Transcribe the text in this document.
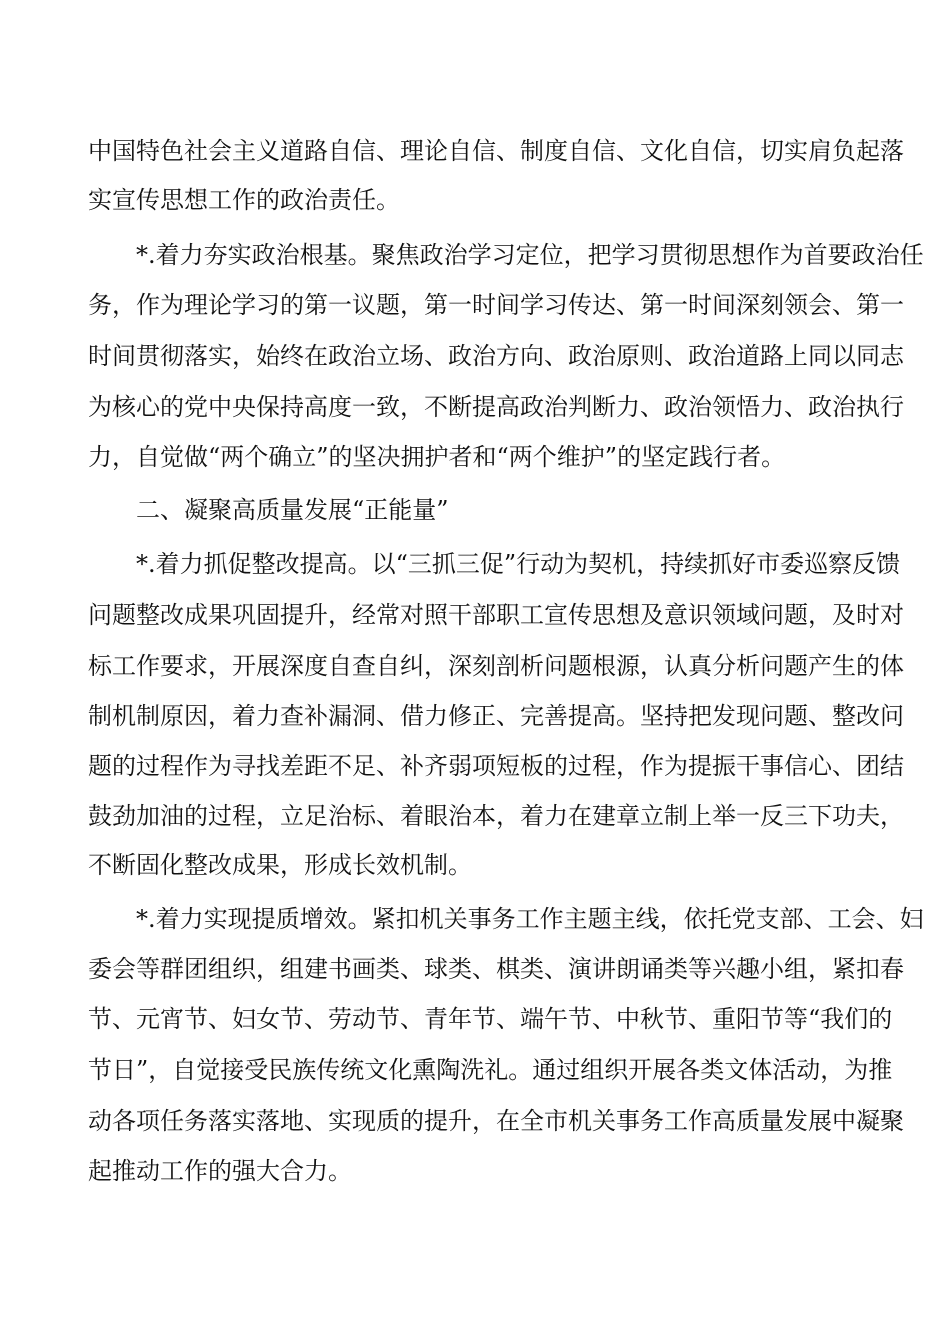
中国特色社会主义道路自信、理论自信、制度自信、文化自信，切实肩负起落
实宣传思想工作的政治责任。
*.着力夯实政治根基。聚焦政治学习定位，把学习贯彻思想作为首要政治任
务，作为理论学习的第一议题，第一时间学习传达、第一时间深刻领会、第一
时间贯彻落实，始终在政治立场、政治方向、政治原则、政治道路上同以同志
为核心的党中央保持高度一致，不断提高政治判断力、政治领悟力、政治执行
力，自觉做“两个确立”的坚决拥护者和“两个维护”的坚定践行者。
二、凝聚高质量发展“正能量”
*.着力抓促整改提高。以“三抓三促”行动为契机，持续抓好市委巡察反馈
问题整改成果巩固提升，经常对照干部职工宣传思想及意识领域问题，及时对
标工作要求，开展深度自查自纠，深刻剖析问题根源，认真分析问题产生的体
制机制原因，着力查补漏洞、借力修正、完善提高。坚持把发现问题、整改问
题的过程作为寻找差距不足、补齐弱项短板的过程，作为提振干事信心、团结
鼓劲加油的过程，立足治标、着眼治本，着力在建章立制上举一反三下功夫，
不断固化整改成果，形成长效机制。
*.着力实现提质增效。紧扣机关事务工作主题主线，依托党支部、工会、妇
委会等群团组织，组建书画类、球类、棋类、演讲朗诵类等兴趣小组，紧扣春
节、元宵节、妇女节、劳动节、青年节、端午节、中秋节、重阳节等“我们的
节日”，自觉接受民族传统文化熏陶洗礼。通过组织开展各类文体活动，为推
动各项任务落实落地、实现质的提升，在全市机关事务工作高质量发展中凝聚
起推动工作的强大合力。
